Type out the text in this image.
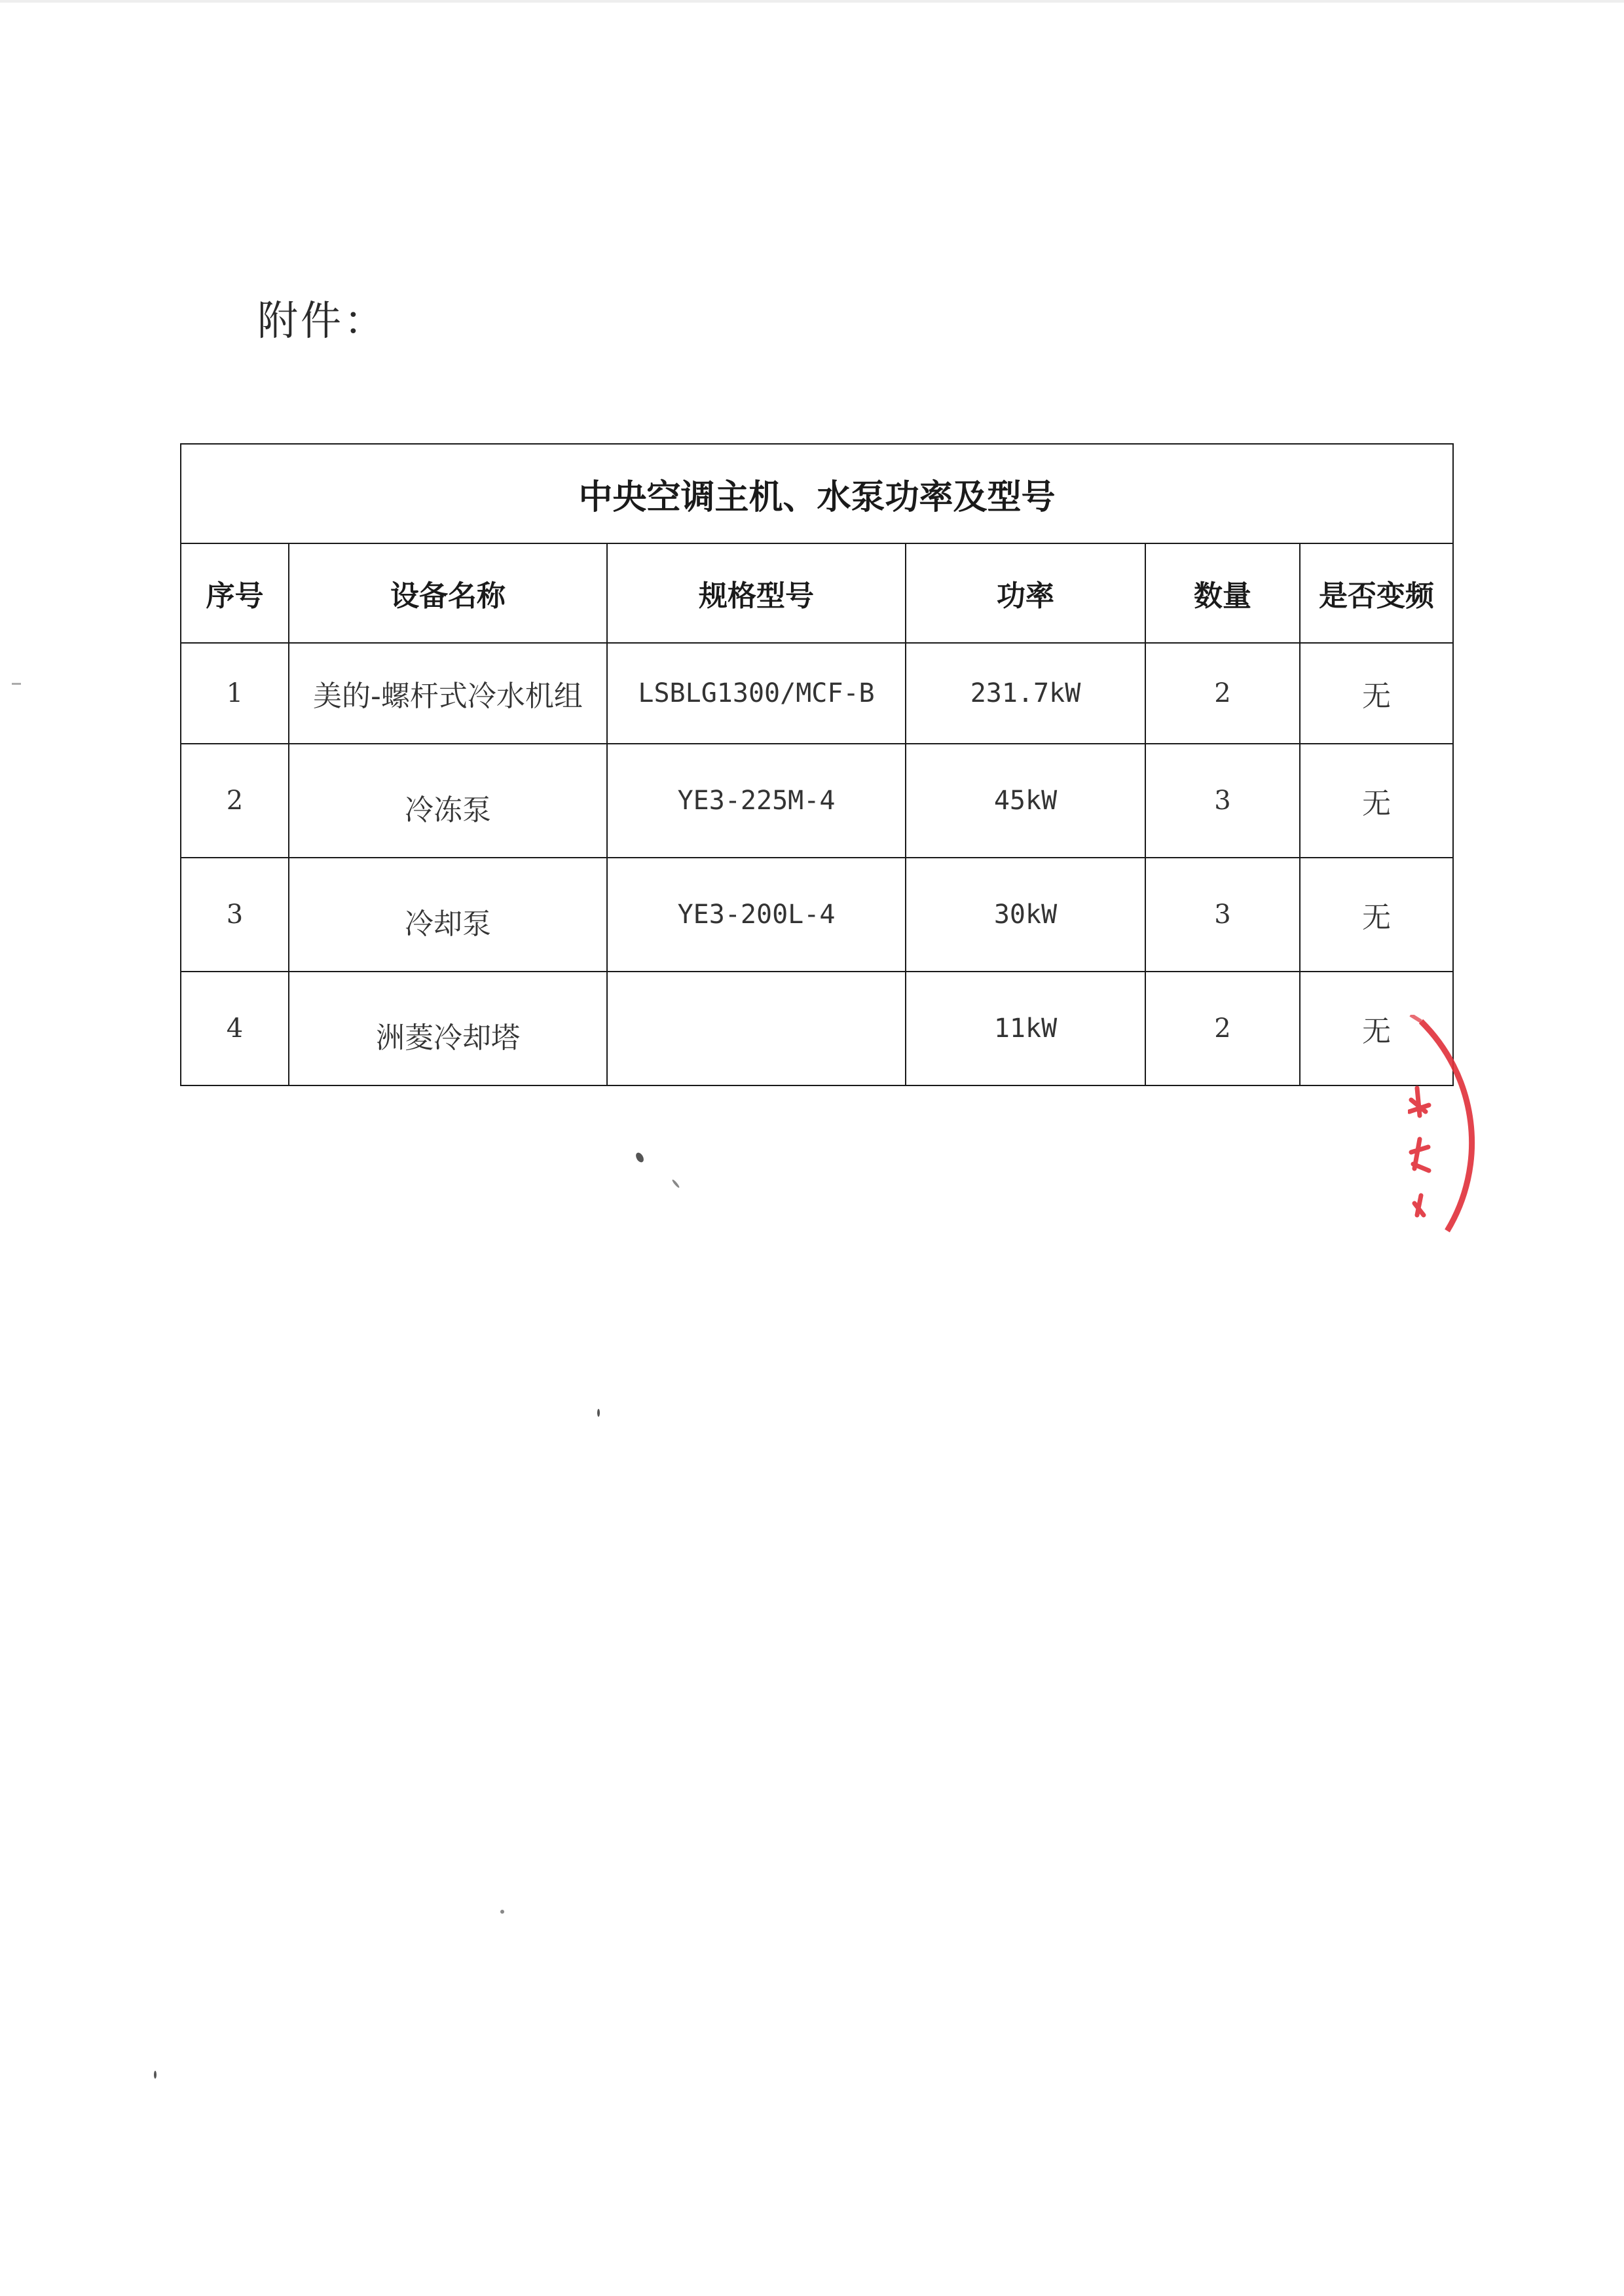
附件：
中央空调主机、水泵功率及型号					
序号	设备名称	规格型号	功率	数量	是否变频
1	美的-螺杆式冷水机组	LSBLG1300/MCF-B	231.7kW	2	无
2	冷冻泵	YE3-225M-4	45kW	3	无
3	冷却泵	YE3-200L-4	30kW	3	无
4	洲菱冷却塔		11kW	2	无
